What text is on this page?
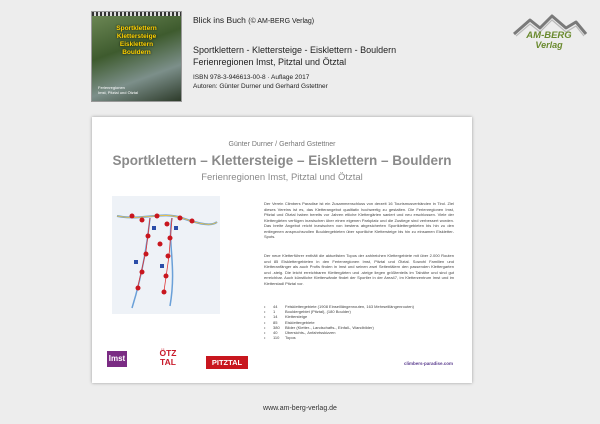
Sportklettern
Klettersteige
Eisklettern
Bouldern
Ferienregionen
Imst, Pitztal und Ötztal
Blick ins Buch (© AM-BERG Verlag)
Sportklettern - Klettersteige - Eisklettern - Bouldern
Ferienregionen Imst, Pitztal und Ötztal
ISBN 978-3-946613-00-8 · Auflage 2017
Autoren: Günter Durner und Gerhard Gstettner
AM-BERG
Verlag
Günter Durner / Gerhard Gstettner
Sportklettern – Klettersteige – Eisklettern – Bouldern
Ferienregionen Imst, Pitztal und Ötztal
Der Verein Climbers Paradise ist ein Zusammenschluss von derzeit 16 Tourismusverbänden in Tirol. Ziel dieses Vereins ist es, das Kletterangebot qualitativ hochwertig zu gestalten. Die Ferienregionen Imst, Pitztal und Ötztal haben bereits vor Jahren etliche Klettergärten saniert und neu erschlossen. Viele der Klettergärten verfügen inzwischen über einen eigenen Parkplatz und die Zustiege sind verbessert worden. Das breite Angebot reicht inzwischen von bestens abgesicherten Sportklettergebieten bis hin zu den entlegenen anspruchsvollen Bouldergebieten über sportliche Klettersteige bis hin zu einsamen Eiskletter-Spots.
Der neue Kletterführer enthält die aktuellsten Topos der zahlreichen Klettergebiete mit über 2.000 Routen und 85 Eisklettergebieten in den Ferienregionen Imst, Pitztal und Ötztal. Sowohl Familien und Kletteranfänger als auch Profis finden in Imst und seinen zwei Seitentälern den passenden Klettergarten und -steig. Die leicht erreichbaren Klettergärten und -steige liegen größtenteils im Talnähe und sind gut erreichbar. Auch künstliche Kletterwände findet der Sportler in der Area47, im Kletterzentrum Imst und im Kletterstadl Pitztal vor.
• 44 Felsklettergebiete (1908 Einseillängenrouten, 163 Mehrseillängenrouten)
• 1 Bouldergebiet (Pitztal), (180 Boulder)
• 14 Klettersteige
• 85 Eisklettergebiete
• 380 Bilder (Kletter-, Landschafts-, Einfall-, Wandbilder)
• 40 Übersichts-, Anfahrtsskizzen
• 110 Topos
Imst
ÖTZ
TAL	PITZTAL	climbers-paradise.com
www.am-berg-verlag.de
